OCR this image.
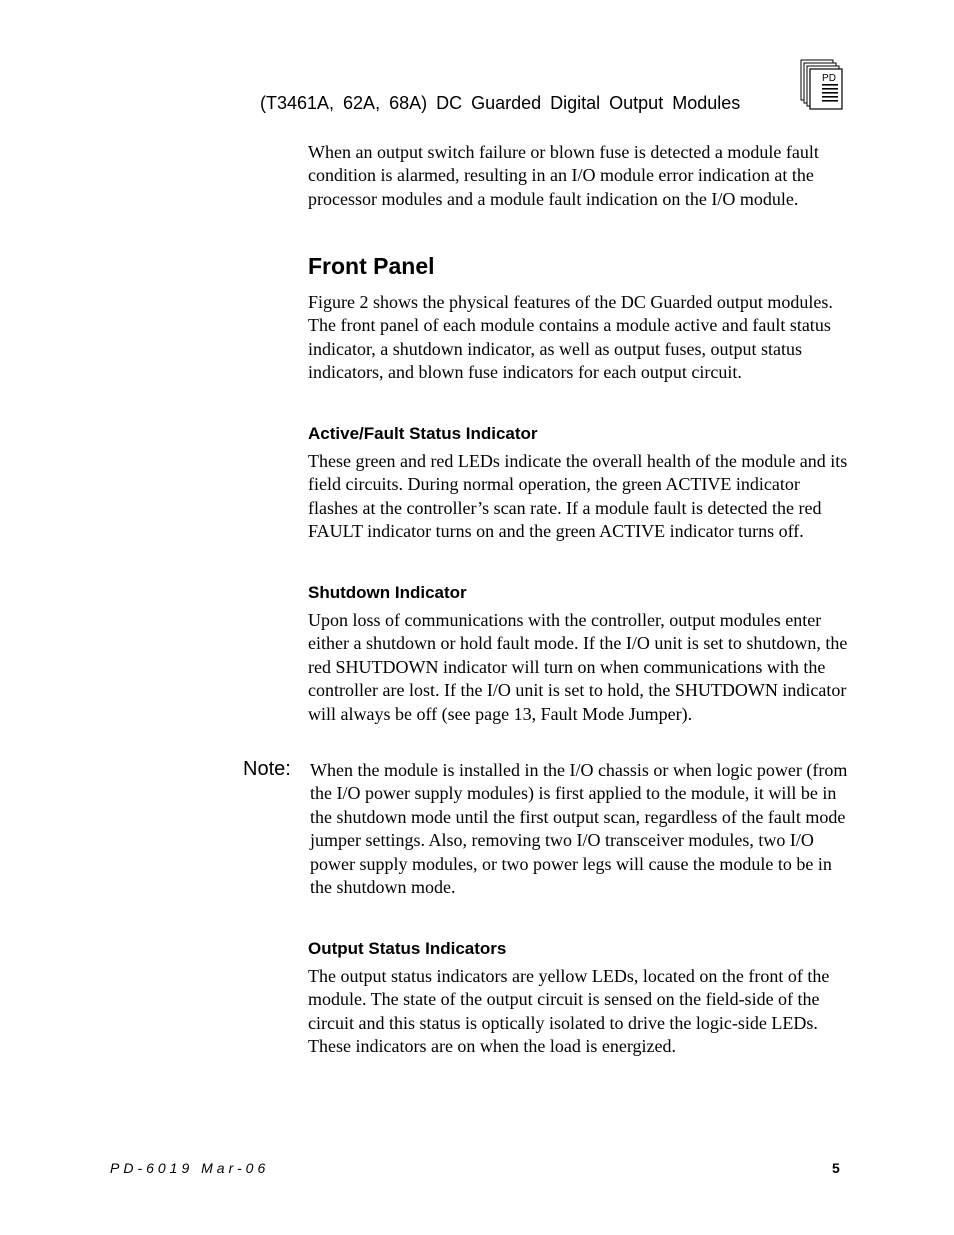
(T3461A, 62A, 68A) DC Guarded Digital Output Modules
PD

When an output switch failure or blown fuse is detected a module fault condition is alarmed, resulting in an I/O module error indication at the processor modules and a module fault indication on the I/O module.

Front Panel

Figure 2 shows the physical features of the DC Guarded output modules. The front panel of each module contains a module active and fault status indicator, a shutdown indicator, as well as output fuses, output status indicators, and blown fuse indicators for each output circuit.

Active/Fault Status Indicator

These green and red LEDs indicate the overall health of the module and its field circuits. During normal operation, the green ACTIVE indicator flashes at the controller’s scan rate. If a module fault is detected the red FAULT indicator turns on and the green ACTIVE indicator turns off.

Shutdown Indicator

Upon loss of communications with the controller, output modules enter either a shutdown or hold fault mode. If the I/O unit is set to shutdown, the red SHUTDOWN indicator will turn on when communications with the controller are lost. If the I/O unit is set to hold, the SHUTDOWN indicator will always be off (see page 13, Fault Mode Jumper).

Note: When the module is installed in the I/O chassis or when logic power (from the I/O power supply modules) is first applied to the module, it will be in the shutdown mode until the first output scan, regardless of the fault mode jumper settings. Also, removing two I/O transceiver modules, two I/O power supply modules, or two power legs will cause the module to be in the shutdown mode.

Output Status Indicators

The output status indicators are yellow LEDs, located on the front of the module. The state of the output circuit is sensed on the field-side of the circuit and this status is optically isolated to drive the logic-side LEDs. These indicators are on when the load is energized.

PD-6019 Mar-06	5
